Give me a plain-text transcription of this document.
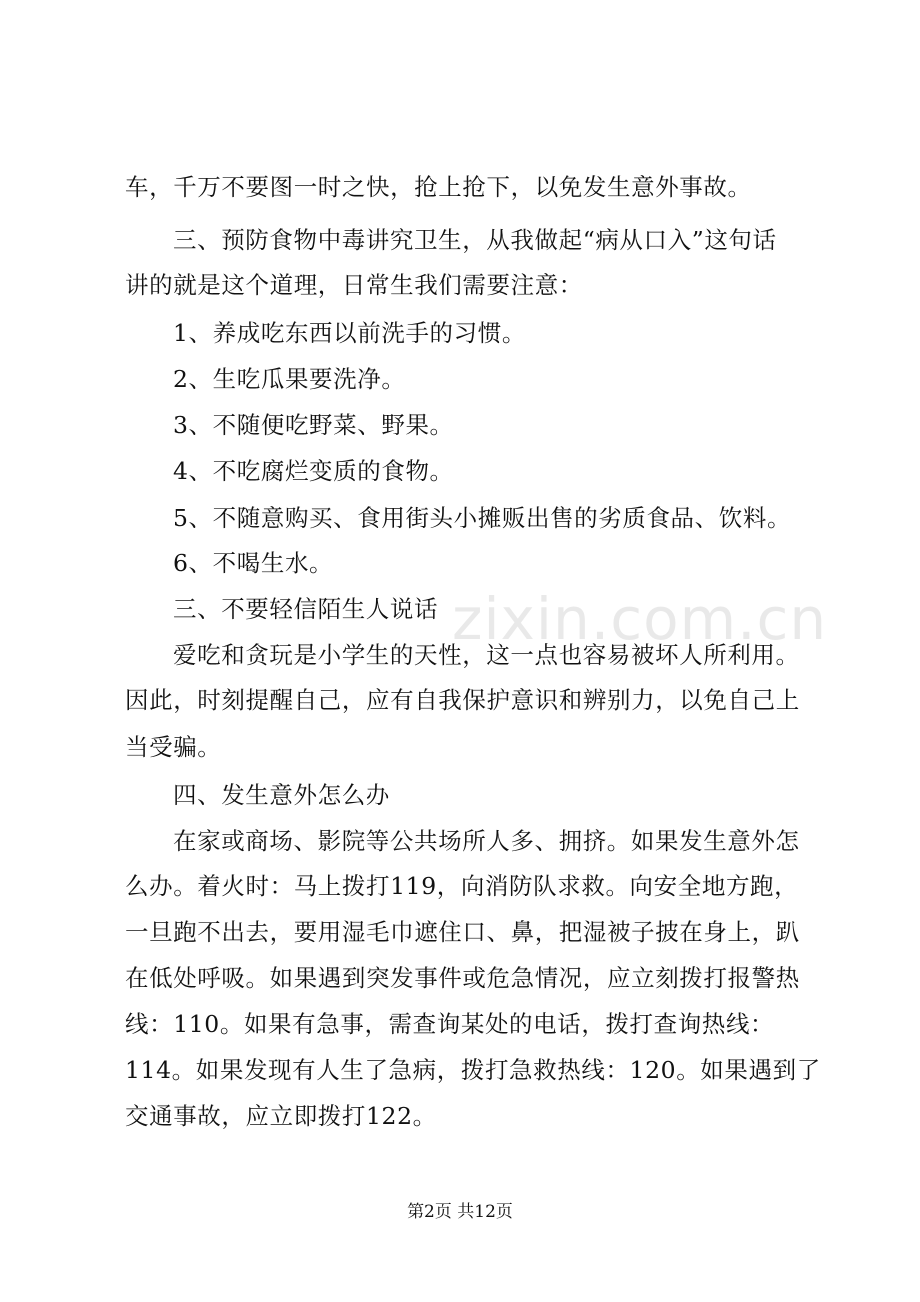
zixin.com.cn
车，千万不要图一时之快，抢上抢下，以免发生意外事故。
三、预防食物中毒讲究卫生，从我做起“病从口入”这句话
讲的就是这个道理，日常生我们需要注意：
1、养成吃东西以前洗手的习惯。
2、生吃瓜果要洗净。
3、不随便吃野菜、野果。
4、不吃腐烂变质的食物。
5、不随意购买、食用街头小摊贩出售的劣质食品、饮料。
6、不喝生水。
三、不要轻信陌生人说话
爱吃和贪玩是小学生的天性，这一点也容易被坏人所利用。
因此，时刻提醒自己，应有自我保护意识和辨别力，以免自己上
当受骗。
四、发生意外怎么办
在家或商场、影院等公共场所人多、拥挤。如果发生意外怎
么办。着火时：马上拨打119，向消防队求救。向安全地方跑，
一旦跑不出去，要用湿毛巾遮住口、鼻，把湿被子披在身上，趴
在低处呼吸。如果遇到突发事件或危急情况，应立刻拨打报警热
线：110。如果有急事，需查询某处的电话，拨打查询热线：
114。如果发现有人生了急病，拨打急救热线：120。如果遇到了
交通事故，应立即拨打122。
第2页 共12页
